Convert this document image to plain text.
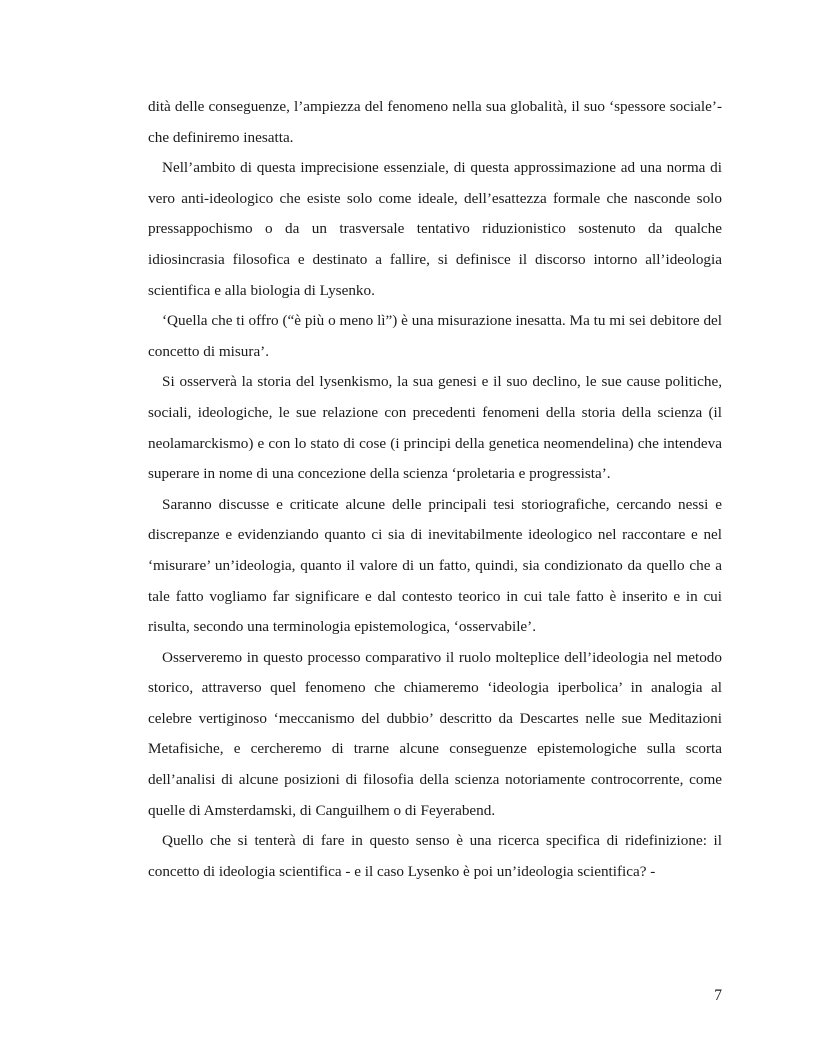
dità delle conseguenze, l’ampiezza del fenomeno nella sua globalità, il suo ‘spessore sociale’- che definiremo inesatta.

Nell’ambito di questa imprecisione essenziale, di questa approssimazione ad una norma di vero anti-ideologico che esiste solo come ideale, dell’esattezza formale che nasconde solo pressappochismo o da un trasversale tentativo riduzionistico sostenuto da qualche idiosincrasia filosofica e destinato a fallire, si definisce il discorso intorno all’ideologia scientifica e alla biologia di Lysenko.

‘Quella che ti offro (“è più o meno lì”) è una misurazione inesatta. Ma tu mi sei debitore del concetto di misura’.

Si osserverà la storia del lysenkismo, la sua genesi e il suo declino, le sue cause politiche, sociali, ideologiche, le sue relazione con precedenti fenomeni della storia della scienza (il neolamarckismo) e con lo stato di cose (i principi della genetica neomendelina) che intendeva superare in nome di una concezione della scienza ‘proletaria e progressista’.

Saranno discusse e criticate alcune delle principali tesi storiografiche, cercando nessi e discrepanze e evidenziando quanto ci sia di inevitabilmente ideologico nel raccontare e nel ‘misurare’ un’ideologia, quanto il valore di un fatto, quindi, sia condizionato da quello che a tale fatto vogliamo far significare e dal contesto teorico in cui tale fatto è inserito e in cui risulta, secondo una terminologia epistemologica, ‘osservabile’.

Osserveremo in questo processo comparativo il ruolo molteplice dell’ideologia nel metodo storico, attraverso quel fenomeno che chiameremo ‘ideologia iperbolica’ in analogia al celebre vertiginoso ‘meccanismo del dubbio’ descritto da Descartes nelle sue Meditazioni Metafisiche, e cercheremo di trarne alcune conseguenze epistemologiche sulla scorta dell’analisi di alcune posizioni di filosofia della scienza notoriamente controcorrente, come quelle di Amsterdamski, di Canguilhem o di Feyerabend.

Quello che si tenterà di fare in questo senso è una ricerca specifica di ridefinizione: il concetto di ideologia scientifica - e il caso Lysenko è poi un’ideologia scientifica? -

7
